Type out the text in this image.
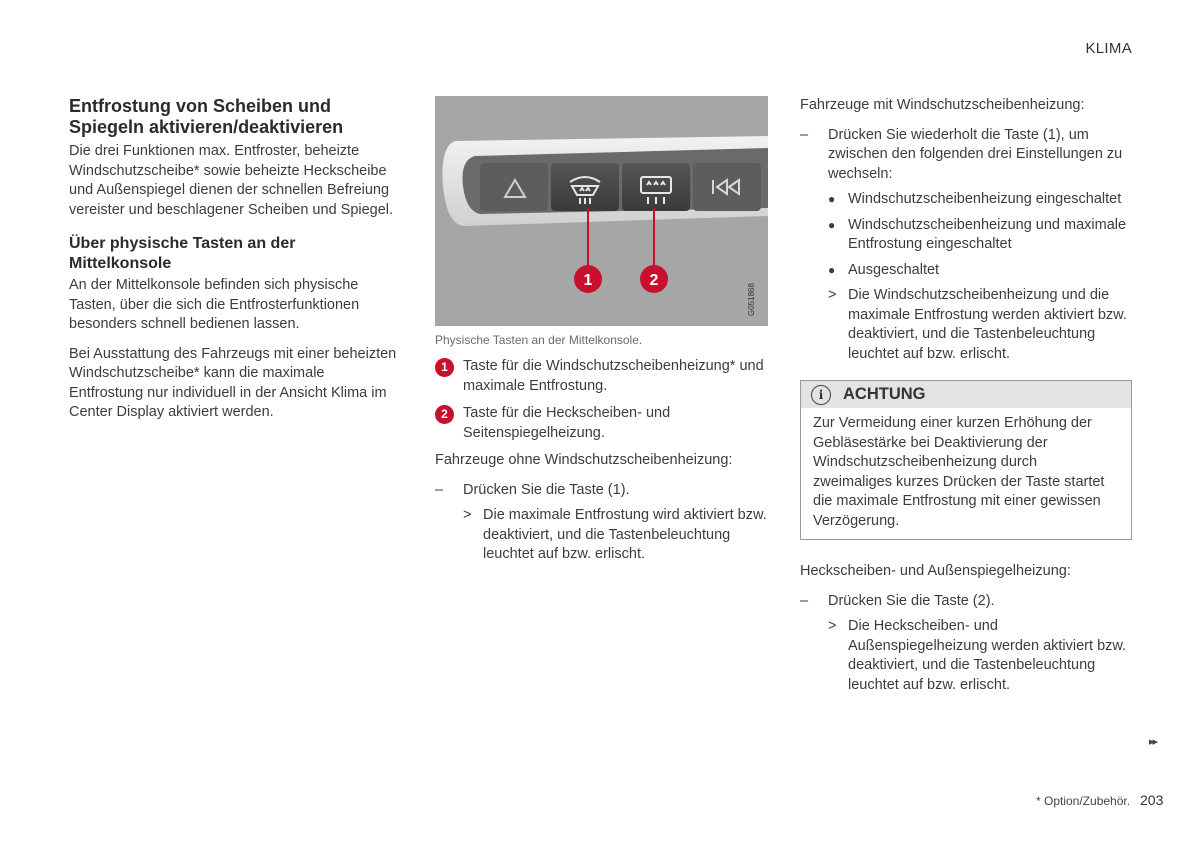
KLIMA
Entfrostung von Scheiben und Spiegeln aktivieren/deaktivieren

Die drei Funktionen max. Entfroster, beheizte Windschutzscheibe* sowie beheizte Heckscheibe und Außenspiegel dienen der schnellen Befreiung vereister und beschlagener Scheiben und Spiegel.

Über physische Tasten an der Mittelkonsole

An der Mittelkonsole befinden sich physische Tasten, über die sich die Entfrosterfunktionen besonders schnell bedienen lassen.

Bei Ausstattung des Fahrzeugs mit einer beheizten Windschutzscheibe* kann die maximale Entfrostung nur individuell in der Ansicht Klima im Center Display aktiviert werden.

1	2
G051868
Physische Tasten an der Mittelkonsole.
1	Taste für die Windschutzscheibenheizung* und maximale Entfrostung.
2	Taste für die Heckscheiben- und Seitenspiegelheizung.

Fahrzeuge ohne Windschutzscheibenheizung:

–	Drücken Sie die Taste (1).
> Die maximale Entfrostung wird aktiviert bzw. deaktiviert, und die Tastenbeleuchtung leuchtet auf bzw. erlischt.

Fahrzeuge mit Windschutzscheibenheizung:

–	Drücken Sie wiederholt die Taste (1), um zwischen den folgenden drei Einstellungen zu wechseln:
● Windschutzscheibenheizung eingeschaltet
● Windschutzscheibenheizung und maximale Entfrostung eingeschaltet
● Ausgeschaltet
> Die Windschutzscheibenheizung und die maximale Entfrostung werden aktiviert bzw. deaktiviert, und die Tastenbeleuchtung leuchtet auf bzw. erlischt.
i	ACHTUNG
Zur Vermeidung einer kurzen Erhöhung der Gebläsestärke bei Deaktivierung der Windschutzscheibenheizung durch zweimaliges kurzes Drücken der Taste startet die maximale Entfrostung mit einer gewissen Verzögerung.

Heckscheiben- und Außenspiegelheizung:

–	Drücken Sie die Taste (2).
> Die Heckscheiben- und Außenspiegelheizung werden aktiviert bzw. deaktiviert, und die Tastenbeleuchtung leuchtet auf bzw. erlischt.
▸▸
* Option/Zubehör. 203
